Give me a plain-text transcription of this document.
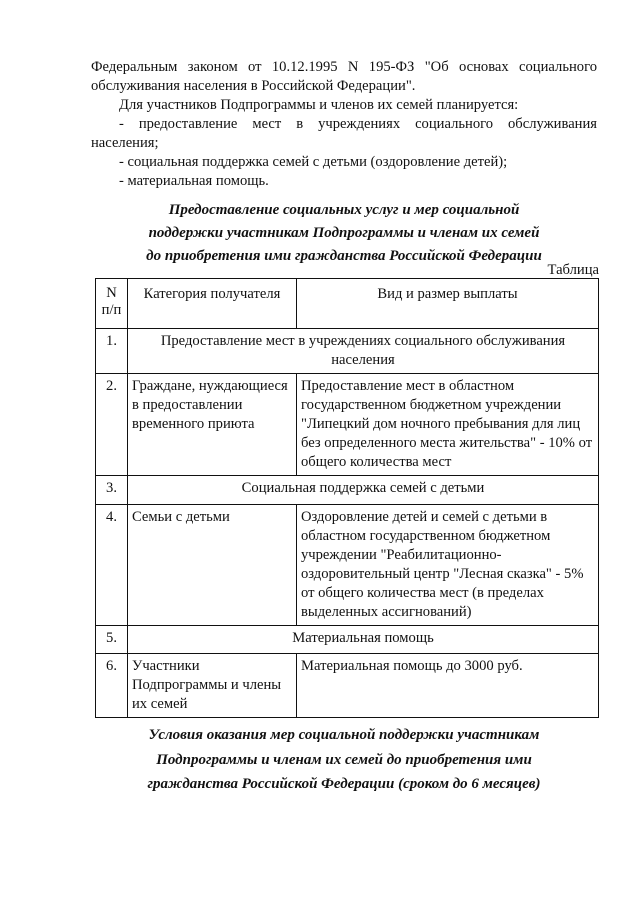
Федеральным законом от 10.12.1995 N 195-ФЗ "Об основах социального

обслуживания населения в Российской Федерации".

Для участников Подпрограммы и членов их семей планируется:

- предоставление мест в учреждениях социального обслуживания

населения;

- социальная поддержка семей с детьми (оздоровление детей);

- материальная помощь.

Предоставление социальных услуг и мер социальной
поддержки участникам Подпрограммы и членам их семей
до приобретения ими гражданства Российской Федерации
Таблица
N
п/п	Категория получателя	Вид и размер выплаты
1.	Предоставление мест в учреждениях социального обслуживания
населения	

2.	Граждане, нуждающиеся в предоставлении временного приюта	Предоставление мест в областном государственном бюджетном учреждении "Липецкий дом ночного пребывания для лиц без определенного места жительства" - 10% от общего количества мест
3.	Социальная поддержка семей с детьми	
4.	Семьи с детьми	Оздоровление детей и семей с детьми в областном государственном бюджетном учреждении "Реабилитационно-оздоровительный центр "Лесная сказка" - 5% от общего количества мест (в пределах выделенных ассигнований)
5.	Материальная помощь	
6.	Участники Подпрограммы и члены их семей	Материальная помощь до 3000 руб.
Условия оказания мер социальной поддержки участникам
Подпрограммы и членам их семей до приобретения ими
гражданства Российской Федерации (сроком до 6 месяцев)
